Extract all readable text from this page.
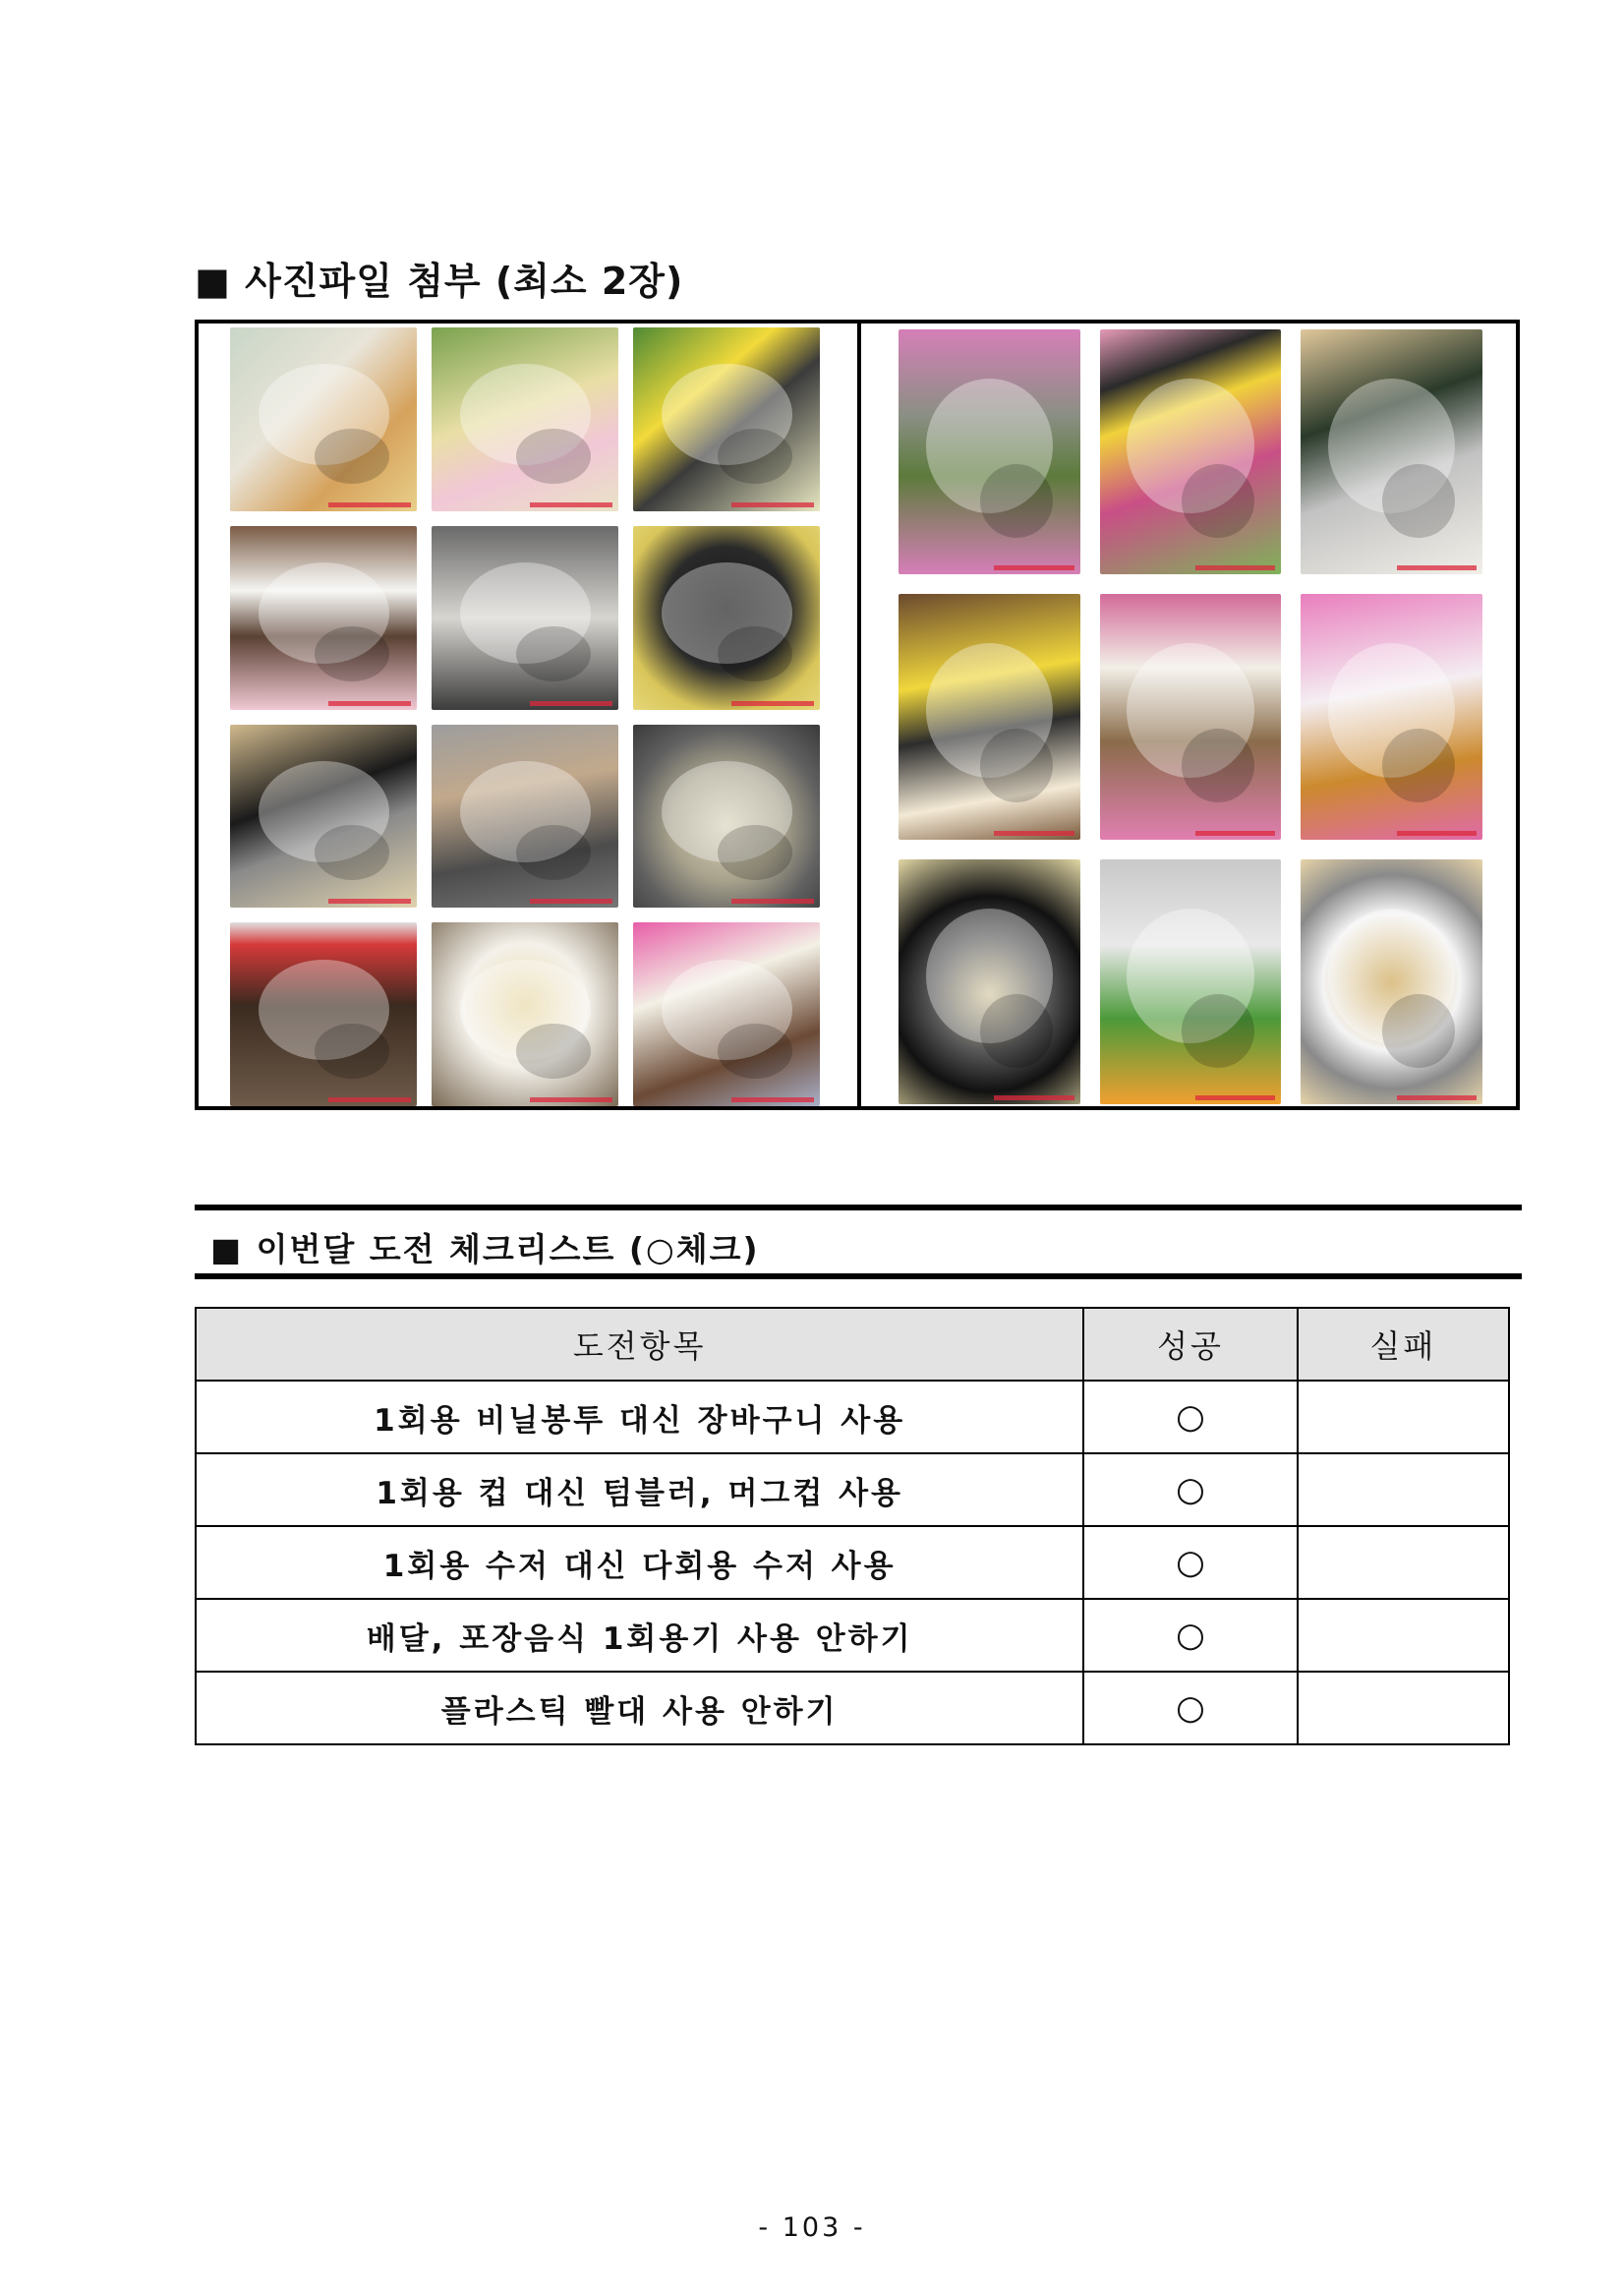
■ 사진파일 첨부 (최소 2장)
■ 이번달 도전 체크리스트 (○체크)
도전항목	성공	실패
1회용 비닐봉투 대신 장바구니 사용	○	
1회용 컵 대신 텀블러, 머그컵 사용	○	
1회용 수저 대신 다회용 수저 사용	○	
배달, 포장음식 1회용기 사용 안하기	○	
플라스틱 빨대 사용 안하기	○	
- 103 -
